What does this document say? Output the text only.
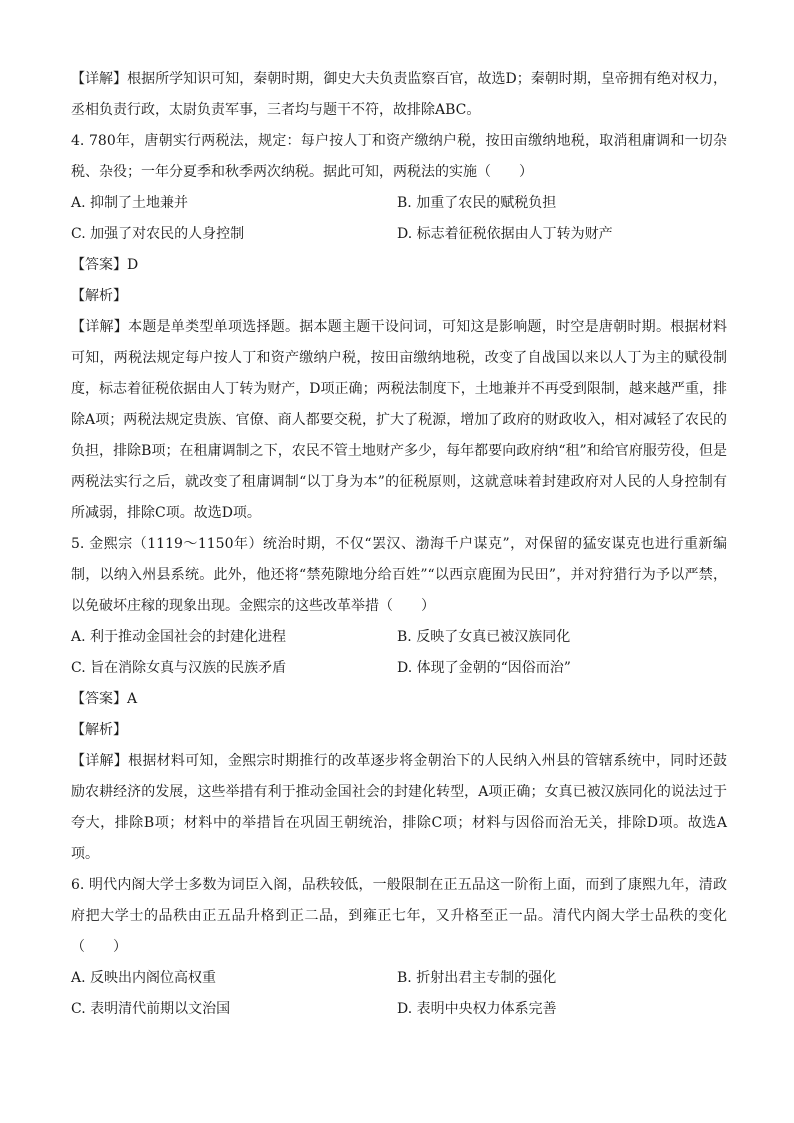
【详解】根据所学知识可知，秦朝时期，御史大夫负责监察百官，故选D；秦朝时期，皇帝拥有绝对权力，丞相负责行政，太尉负责军事，三者均与题干不符，故排除ABC。

4. 780年，唐朝实行两税法，规定：每户按人丁和资产缴纳户税，按田亩缴纳地税，取消租庸调和一切杂税、杂役；一年分夏季和秋季两次纳税。据此可知，两税法的实施（　　）

A. 抑制了土地兼并	B. 加重了农民的赋税负担
C. 加强了对农民的人身控制	D. 标志着征税依据由人丁转为财产

【答案】D

【解析】

【详解】本题是单类型单项选择题。据本题主题干设问词，可知这是影响题，时空是唐朝时期。根据材料可知，两税法规定每户按人丁和资产缴纳户税，按田亩缴纳地税，改变了自战国以来以人丁为主的赋役制度，标志着征税依据由人丁转为财产，D项正确；两税法制度下，土地兼并不再受到限制，越来越严重，排除A项；两税法规定贵族、官僚、商人都要交税，扩大了税源，增加了政府的财政收入，相对减轻了农民的负担，排除B项；在租庸调制之下，农民不管土地财产多少，每年都要向政府纳“租”和给官府服劳役，但是两税法实行之后，就改变了租庸调制“以丁身为本”的征税原则，这就意味着封建政府对人民的人身控制有所减弱，排除C项。故选D项。

5. 金熙宗（1119～1150年）统治时期，不仅“罢汉、渤海千户谋克”，对保留的猛安谋克也进行重新编制，以纳入州县系统。此外，他还将“禁苑隙地分给百姓”“以西京鹿囿为民田”，并对狩猎行为予以严禁，以免破坏庄稼的现象出现。金熙宗的这些改革举措（　　）

A. 利于推动金国社会的封建化进程	B. 反映了女真已被汉族同化
C. 旨在消除女真与汉族的民族矛盾	D. 体现了金朝的“因俗而治”

【答案】A

【解析】

【详解】根据材料可知，金熙宗时期推行的改革逐步将金朝治下的人民纳入州县的管辖系统中，同时还鼓励农耕经济的发展，这些举措有利于推动金国社会的封建化转型，A项正确；女真已被汉族同化的说法过于夸大，排除B项；材料中的举措旨在巩固王朝统治，排除C项；材料与因俗而治无关，排除D项。故选A项。

6. 明代内阁大学士多数为词臣入阁，品秩较低，一般限制在正五品这一阶衔上面，而到了康熙九年，清政府把大学士的品秩由正五品升格到正二品，到雍正七年，又升格至正一品。清代内阁大学士品秩的变化（　　）

A. 反映出内阁位高权重	B. 折射出君主专制的强化
C. 表明清代前期以文治国	D. 表明中央权力体系完善
